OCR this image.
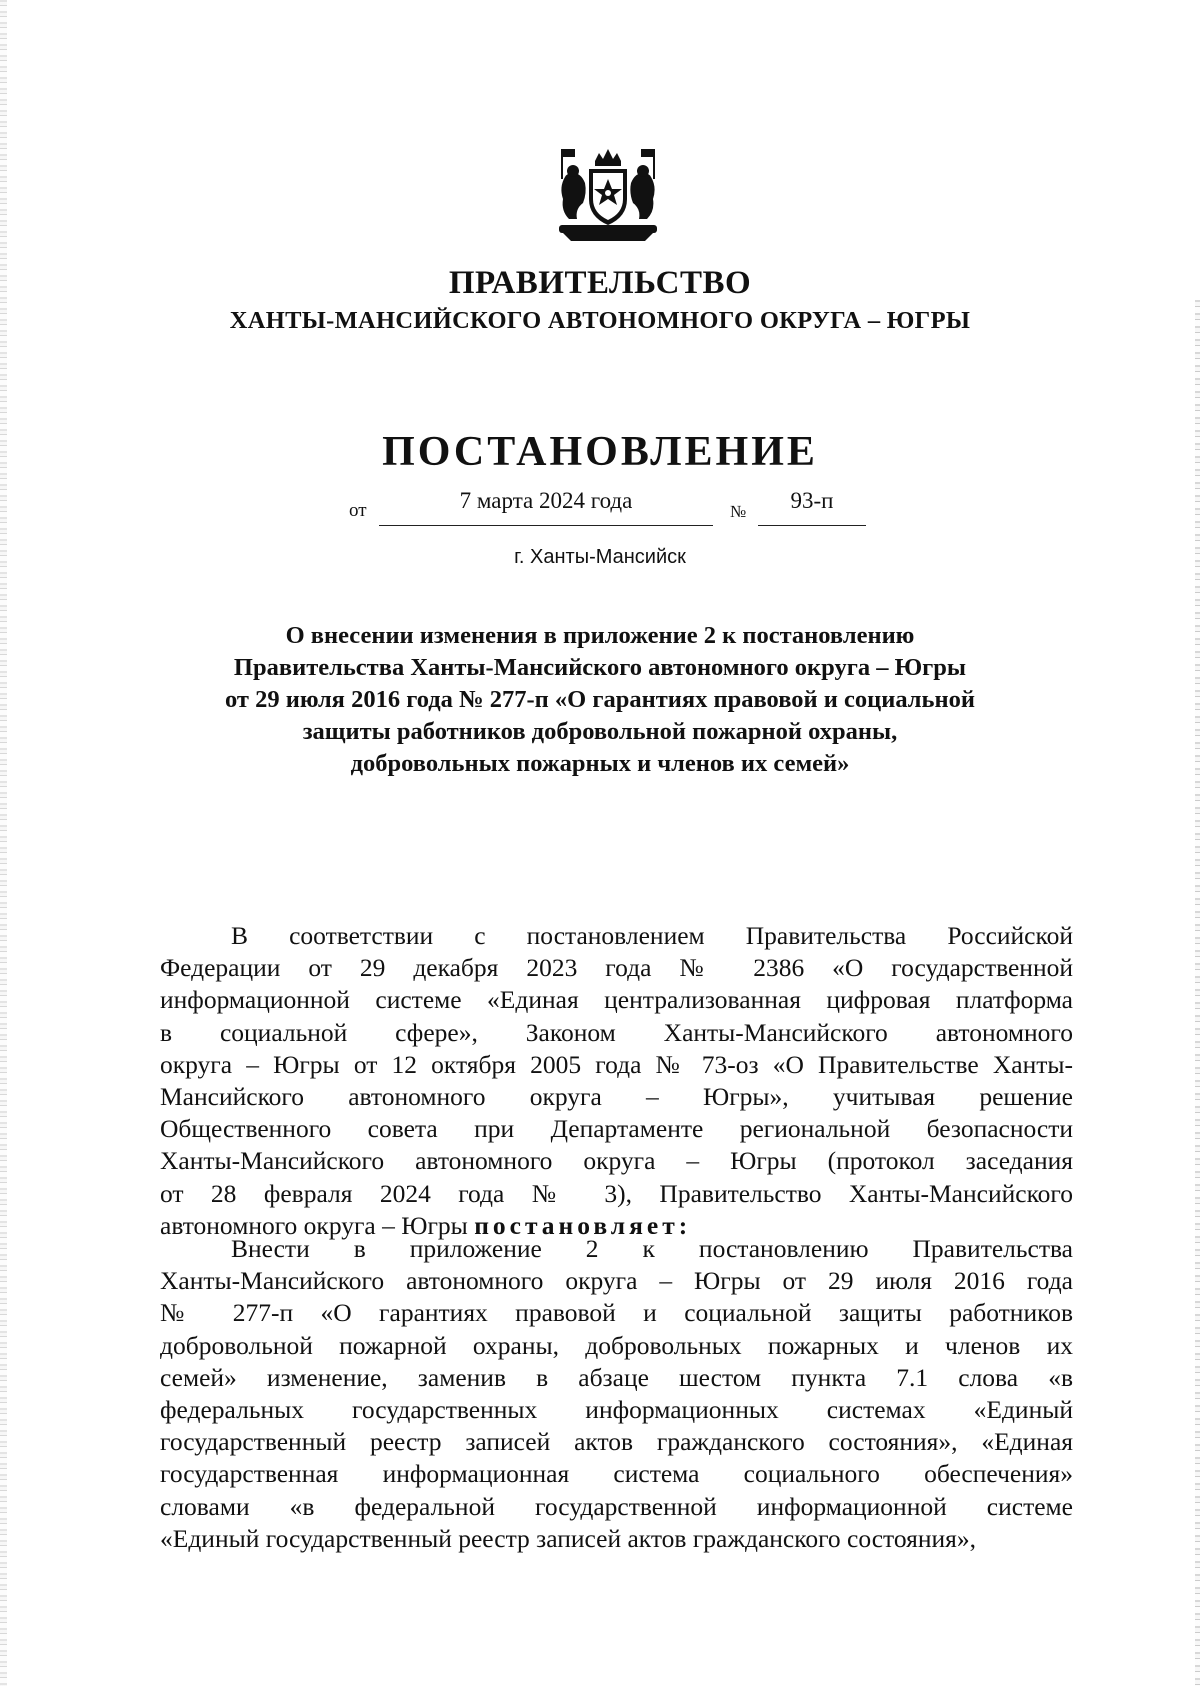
ПРАВИТЕЛЬСТВО
ХАНТЫ-МАНСИЙСКОГО АВТОНОМНОГО ОКРУГА – ЮГРЫ
ПОСТАНОВЛЕНИЕ
от	7 марта 2024 года	№	93-п
г. Ханты-Мансийск
О внесении изменения в приложение 2 к постановлению
Правительства Ханты-Мансийского автономного округа – Югры
от 29 июля 2016 года № 277-п «О гарантиях правовой и социальной
защиты работников добровольной пожарной охраны,
добровольных пожарных и членов их семей»
В соответствии с постановлением Правительства Российской
Федерации от 29 декабря 2023 года № 2386 «О государственной
информационной системе «Единая централизованная цифровая платформа
в социальной сфере», Законом Ханты-Мансийского автономного
округа – Югры от 12 октября 2005 года № 73-оз «О Правительстве Ханты-
Мансийского автономного округа – Югры», учитывая решение
Общественного совета при Департаменте региональной безопасности
Ханты-Мансийского автономного округа – Югры (протокол заседания
от 28 февраля 2024 года № 3), Правительство Ханты-Мансийского
автономного округа – Югры постановляет:
Внести в приложение 2 к постановлению Правительства
Ханты-Мансийского автономного округа – Югры от 29 июля 2016 года
№ 277-п «О гарантиях правовой и социальной защиты работников
добровольной пожарной охраны, добровольных пожарных и членов их
семей» изменение, заменив в абзаце шестом пункта 7.1 слова «в
федеральных государственных информационных системах «Единый
государственный реестр записей актов гражданского состояния», «Единая
государственная информационная система социального обеспечения»
словами «в федеральной государственной информационной системе
«Единый государственный реестр записей актов гражданского состояния»,
